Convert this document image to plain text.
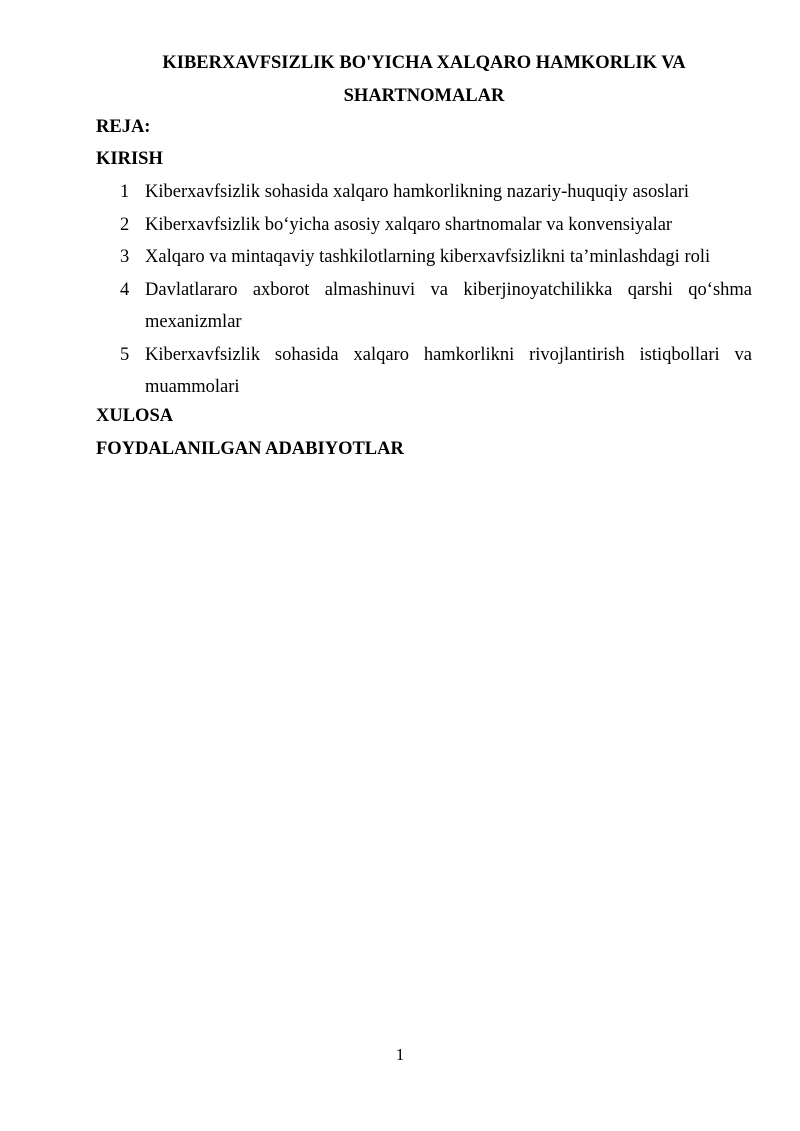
KIBERXAVFSIZLIK BO'YICHA XALQARO HAMKORLIK VA
SHARTNOMALAR
REJA:
KIRISH
1 Kiberxavfsizlik sohasida xalqaro hamkorlikning nazariy-huquqiy asoslari
2 Kiberxavfsizlik bo‘yicha asosiy xalqaro shartnomalar va konvensiyalar
3 Xalqaro va mintaqaviy tashkilotlarning kiberxavfsizlikni ta’minlashdagi roli
4 Davlatlararo axborot almashinuvi va kiberjinoyatchilikka qarshi qo‘shma mexanizmlar
5 Kiberxavfsizlik sohasida xalqaro hamkorlikni rivojlantirish istiqbollari va muammolari
XULOSA
FOYDALANILGAN ADABIYOTLAR
1
